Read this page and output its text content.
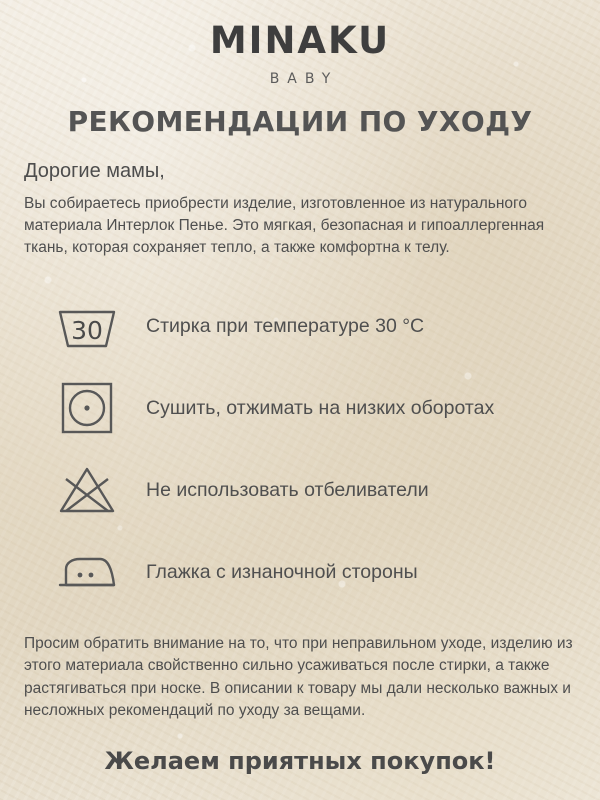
MINAKU
BABY
РЕКОМЕНДАЦИИ ПО УХОДУ
Дорогие мамы,
Вы собираетесь приобрести изделие, изготовленное из натурального материала Интерлок Пенье. Это мягкая, безопасная и гипоаллергенная ткань, которая сохраняет тепло, а также комфортна к телу.
30 Стирка при температуре 30 °C
Сушить, отжимать на низких оборотах
Не использовать отбеливатели
Глажка с изнаночной стороны
Просим обратить внимание на то, что при неправильном уходе, изделию из этого материала свойственно сильно усаживаться после стирки, а также растягиваться при носке. В описании к товару мы дали несколько важных и несложных рекомендаций по уходу за вещами.
Желаем приятных покупок!
